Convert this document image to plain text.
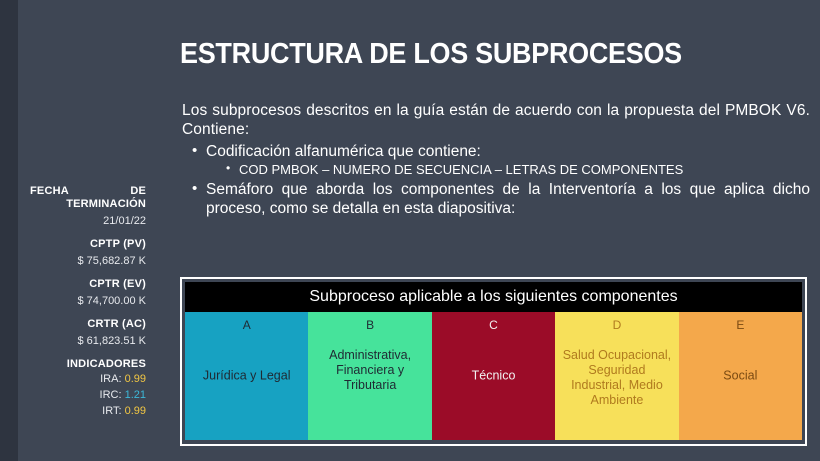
FECHA	DE
TERMINACIÓN
21/01/22
CPTP (PV)
$ 75,682.87 K
CPTR (EV)
$ 74,700.00 K
CRTR (AC)
$ 61,823.51 K
INDICADORES
IRA: 0.99
IRC: 1.21
IRT: 0.99
ESTRUCTURA DE LOS SUBPROCESOS
Los subprocesos descritos en la guía están de acuerdo con la propuesta del PMBOK V6. Contiene:
• Codificación alfanumérica que contiene:
• COD PMBOK – NUMERO DE SECUENCIA – LETRAS DE COMPONENTES
• Semáforo que aborda los componentes de la Interventoría a los que aplica dicho proceso, como se detalla en esta diapositiva:
Subproceso aplicable a los siguientes componentes
A
Jurídica y Legal
B
Administrativa, Financiera y Tributaria
C
Técnico
D
Salud Ocupacional, Seguridad Industrial, Medio Ambiente
E
Social
